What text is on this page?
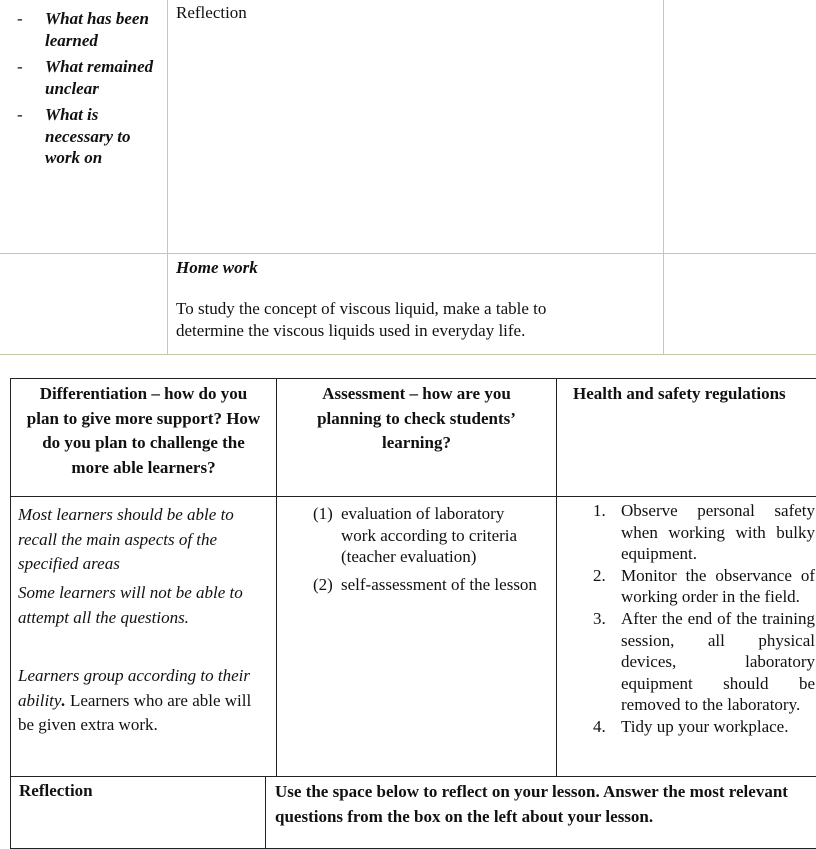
- What has been learned
- What remained unclear
- What is necessary to work on
Reflection
Home work
To study the concept of viscous liquid, make a table to determine the viscous liquids used in everyday life.
Differentiation – how do you plan to give more support? How do you plan to challenge the more able learners?
Assessment – how are you planning to check students’ learning?
Health and safety regulations
Most learners should be able to recall the main aspects of the specified areas
Some learners will not be able to attempt all the questions.
Learners group according to their ability. Learners who are able will be given extra work.
(1) evaluation of laboratory work according to criteria (teacher evaluation)
(2) self-assessment of the lesson
1. Observe personal safety when working with bulky equipment.
2. Monitor the observance of working order in the field.
3. After the end of the training session, all physical devices, laboratory equipment should be removed to the laboratory.
4. Tidy up your workplace.
Reflection	Use the space below to reflect on your lesson. Answer the most relevant questions from the box on the left about your lesson.
